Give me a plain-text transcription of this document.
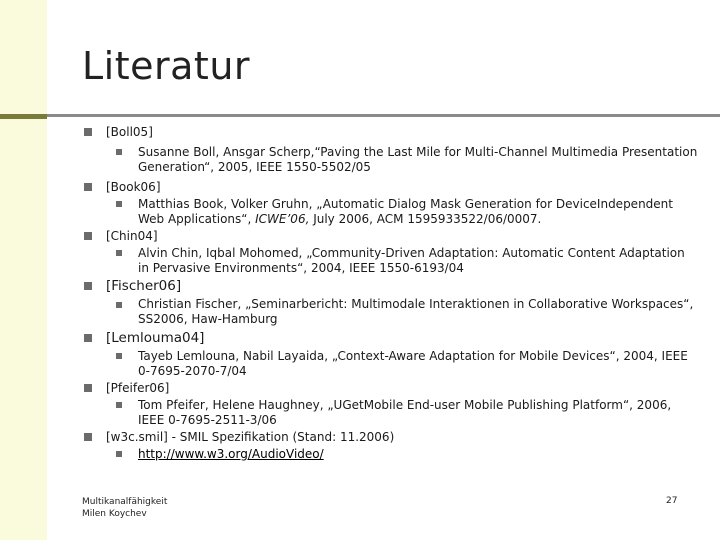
Literatur
[Boll05]
Susanne Boll, Ansgar Scherp,“Paving the Last Mile for Multi-Channel Multimedia Presentation Generation“, 2005, IEEE 1550-5502/05
[Book06]
Matthias Book, Volker Gruhn, „Automatic Dialog Mask Generation for DeviceIndependent Web Applications“, ICWE’06, July 2006, ACM 1595933522/06/0007.
[Chin04]
Alvin Chin, Iqbal Mohomed, „Community-Driven Adaptation: Automatic Content Adaptation in Pervasive Environments“, 2004, IEEE 1550-6193/04
[Fischer06]
Christian Fischer, „Seminarbericht: Multimodale Interaktionen in Collaborative Workspaces“, SS2006, Haw-Hamburg
[Lemlouma04]
Tayeb Lemlouna, Nabil Layaida, „Context-Aware Adaptation for Mobile Devices“, 2004, IEEE 0-7695-2070-7/04
[Pfeifer06]
Tom Pfeifer, Helene Haughney, „UGetMobile End-user Mobile Publishing Platform“, 2006, IEEE 0-7695-2511-3/06
[w3c.smil] - SMIL Spezifikation (Stand: 11.2006)
http://www.w3.org/AudioVideo/
Multikanalfähigkeit
Milen Koychev
27
